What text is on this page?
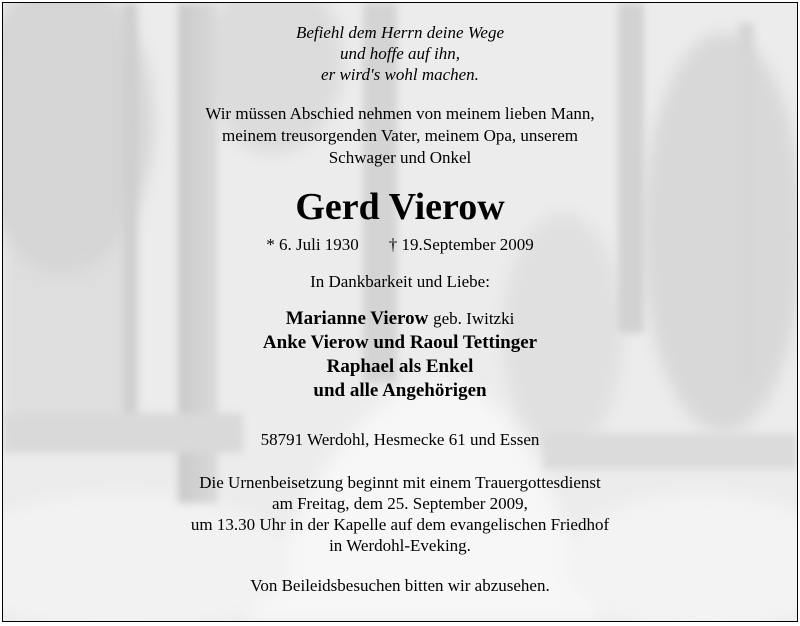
Befiehl dem Herrn deine Wege
und hoffe auf ihn,
er wird's wohl machen.
Wir müssen Abschied nehmen von meinem lieben Mann,
meinem treusorgenden Vater, meinem Opa, unserem
Schwager und Onkel
Gerd Vierow
* 6. Juli 1930 † 19.September 2009
In Dankbarkeit und Liebe:
Marianne Vierow geb. Iwitzki
Anke Vierow und Raoul Tettinger
Raphael als Enkel
und alle Angehörigen
58791 Werdohl, Hesmecke 61 und Essen
Die Urnenbeisetzung beginnt mit einem Trauergottesdienst
am Freitag, dem 25. September 2009,
um 13.30 Uhr in der Kapelle auf dem evangelischen Friedhof
in Werdohl-Eveking.
Von Beileidsbesuchen bitten wir abzusehen.
